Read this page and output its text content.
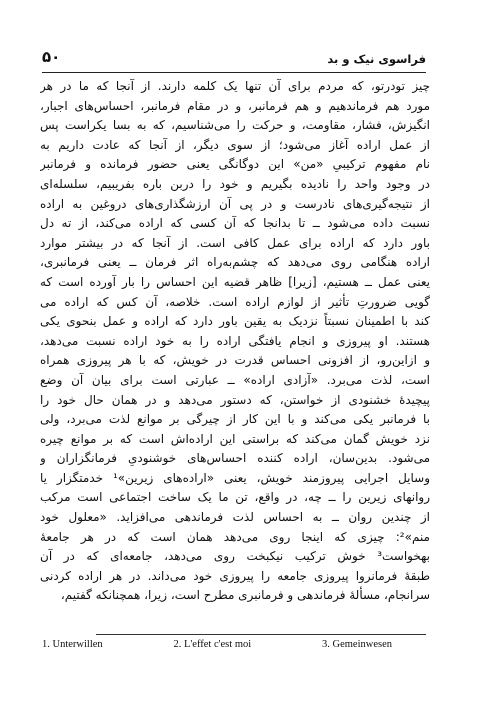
فراسوی نیک و بد
۵۰
چیز تودرتو، که مردم برای آن تنها یک کلمه دارند. از آنجا که ما در هر
مورد هم فرماندهیم و هم فرمانبر، و در مقام فرمانبر، احساس‌های اجبار،
انگیزش، فشار، مقاومت، و حرکت را می‌شناسیم، که به بسا یکراست پس
از عمل اراده آغاز می‌شود؛ از سوی دیگر، از آنجا که عادت داریم به
نام مفهوم ترکیبیِ «من» این دوگانگی یعنی حضور فرمانده و فرمانبر
در وجود واحد را نادیده بگیریم و خود را دربن باره بفریبیم، سلسله‌ای
از نتیجه‌گیری‌های نادرست و در پی آن ارزشگذاری‌های دروغین به اراده
نسبت داده می‌شود ــ تا بدانجا که آن کسی که اراده می‌کند، از ته دل
باور دارد که اراده برای عمل کافی است. از آنجا که در بیشتر موارد
اراده هنگامی روی می‌دهد که چشم‌به‌راه اثر فرمان ــ یعنی فرمانبری،
یعنی عمل ــ هستیم، [زیرا] ظاهر قضیه این احساس را بار آورده است که
گویی ضرورتِ تأثیر از لوازم اراده است. خلاصه، آن کس که اراده می
کند با اطمینان نسبتاً نزدیک به یقین باور دارد که اراده و عمل بنحوی یکی
هستند. او پیروزی و انجام یافتگی اراده را به خود اراده نسبت می‌دهد،
و ازاین‌رو، از افزونی احساس قدرت در خویش، که با هر پیروزی همراه
است، لذت می‌برد. «آزادی اراده» ــ عبارتی است برای بیان آن وضع
پیچیدهٔ خشنودی از خواستن، که دستور می‌دهد و در همان حال خود را
با فرمانبر یکی می‌کند و با این کار از چیرگی بر موانع لذت می‌برد، ولی
نزد خویش گمان می‌کند که براستی این اراده‌اش است که بر موانع چیره
می‌شود. بدین‌سان، اراده کننده احساس‌های خوشنودیِ فرمانگزاران و
وسایل اجرایی پیروزمند خویش، یعنی «اراده‌های زیرین»¹ خدمتگزار یا
روانهای زیرین را ــ چه، در واقع، تن ما یک ساخت اجتماعی است مرکب
از چندین روان ــ به احساس لذت فرماندهی می‌افزاید. «معلول خود
منم»²: چیزی که اینجا روی می‌دهد همان است که در هر جامعهٔ
بهخواست³ خوش ترکیب نیکبخت روی می‌دهد، جامعه‌ای که در آن
طبقهٔ فرمانروا پیروزی جامعه را پیروزی خود می‌داند. در هر اراده کردنی
سرانجام، مسألهٔ فرماندهی و فرمانبری مطرح است، زیرا، همچنانکه گفتیم،
1. Unterwillen	2. L'effet c'est moi	3. Gemeinwesen
